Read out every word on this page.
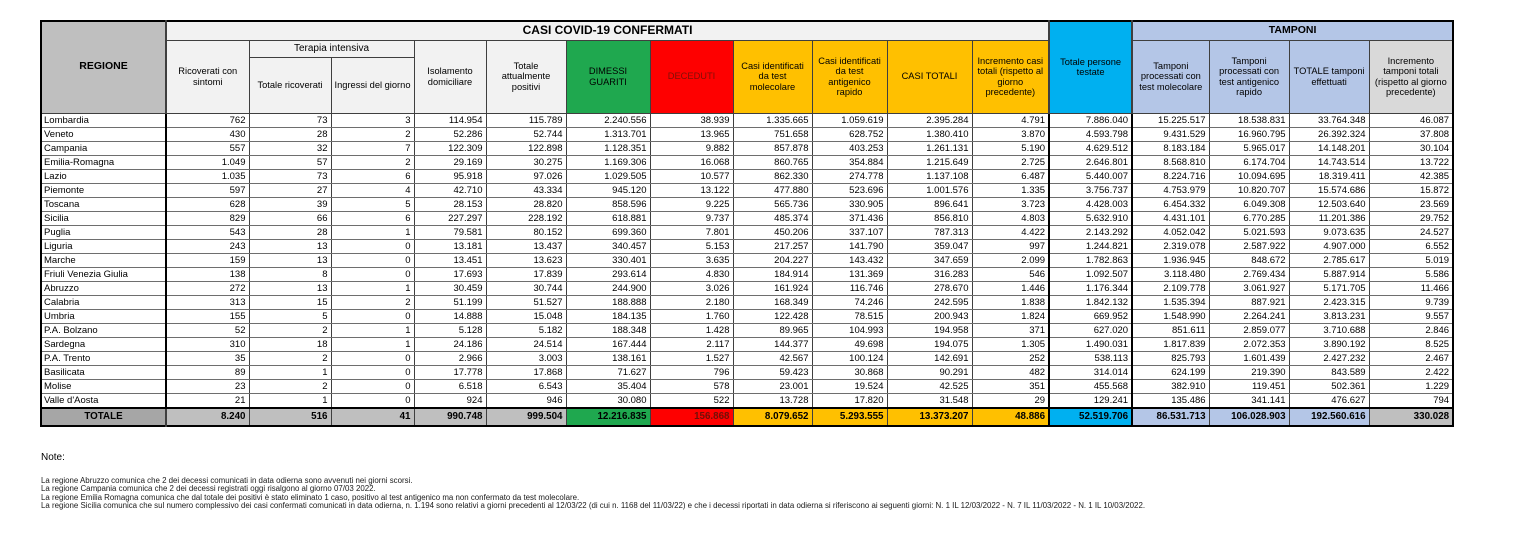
REGIONE	CASI COVID-19 CONFERMATI											Totale persone testate	TAMPONI			
	Ricoverati con sintomi	Terapia intensiva		Isolamento domiciliare	Totale attualmente positivi	DIMESSI GUARITI	DECEDUTI	Casi identificati da test molecolare	Casi identificati da test antigenico rapido	CASI TOTALI	Incremento casi totali (rispetto al giorno precedente)		Tamponi processati con test molecolare	Tamponi processati con test antigenico rapido	TOTALE tamponi effettuati	Incremento tamponi totali (rispetto al giorno precedente)
		Totale ricoverati	Ingressi del giorno													
Lombardia	762	73	3	114.954	115.789	2.240.556	38.939	1.335.665	1.059.619	2.395.284	4.791	7.886.040	15.225.517	18.538.831	33.764.348	46.087
Veneto	430	28	2	52.286	52.744	1.313.701	13.965	751.658	628.752	1.380.410	3.870	4.593.798	9.431.529	16.960.795	26.392.324	37.808
Campania	557	32	7	122.309	122.898	1.128.351	9.882	857.878	403.253	1.261.131	5.190	4.629.512	8.183.184	5.965.017	14.148.201	30.104
Emilia-Romagna	1.049	57	2	29.169	30.275	1.169.306	16.068	860.765	354.884	1.215.649	2.725	2.646.801	8.568.810	6.174.704	14.743.514	13.722
Lazio	1.035	73	6	95.918	97.026	1.029.505	10.577	862.330	274.778	1.137.108	6.487	5.440.007	8.224.716	10.094.695	18.319.411	42.385
Piemonte	597	27	4	42.710	43.334	945.120	13.122	477.880	523.696	1.001.576	1.335	3.756.737	4.753.979	10.820.707	15.574.686	15.872
Toscana	628	39	5	28.153	28.820	858.596	9.225	565.736	330.905	896.641	3.723	4.428.003	6.454.332	6.049.308	12.503.640	23.569
Sicilia	829	66	6	227.297	228.192	618.881	9.737	485.374	371.436	856.810	4.803	5.632.910	4.431.101	6.770.285	11.201.386	29.752
Puglia	543	28	1	79.581	80.152	699.360	7.801	450.206	337.107	787.313	4.422	2.143.292	4.052.042	5.021.593	9.073.635	24.527
Liguria	243	13	0	13.181	13.437	340.457	5.153	217.257	141.790	359.047	997	1.244.821	2.319.078	2.587.922	4.907.000	6.552
Marche	159	13	0	13.451	13.623	330.401	3.635	204.227	143.432	347.659	2.099	1.782.863	1.936.945	848.672	2.785.617	5.019
Friuli Venezia Giulia	138	8	0	17.693	17.839	293.614	4.830	184.914	131.369	316.283	546	1.092.507	3.118.480	2.769.434	5.887.914	5.586
Abruzzo	272	13	1	30.459	30.744	244.900	3.026	161.924	116.746	278.670	1.446	1.176.344	2.109.778	3.061.927	5.171.705	11.466
Calabria	313	15	2	51.199	51.527	188.888	2.180	168.349	74.246	242.595	1.838	1.842.132	1.535.394	887.921	2.423.315	9.739
Umbria	155	5	0	14.888	15.048	184.135	1.760	122.428	78.515	200.943	1.824	669.952	1.548.990	2.264.241	3.813.231	9.557
P.A. Bolzano	52	2	1	5.128	5.182	188.348	1.428	89.965	104.993	194.958	371	627.020	851.611	2.859.077	3.710.688	2.846
Sardegna	310	18	1	24.186	24.514	167.444	2.117	144.377	49.698	194.075	1.305	1.490.031	1.817.839	2.072.353	3.890.192	8.525
P.A. Trento	35	2	0	2.966	3.003	138.161	1.527	42.567	100.124	142.691	252	538.113	825.793	1.601.439	2.427.232	2.467
Basilicata	89	1	0	17.778	17.868	71.627	796	59.423	30.868	90.291	482	314.014	624.199	219.390	843.589	2.422
Molise	23	2	0	6.518	6.543	35.404	578	23.001	19.524	42.525	351	455.568	382.910	119.451	502.361	1.229
Valle d'Aosta	21	1	0	924	946	30.080	522	13.728	17.820	31.548	29	129.241	135.486	341.141	476.627	794
TOTALE	8.240	516	41	990.748	999.504	12.216.835	156.868	8.079.652	5.293.555	13.373.207	48.886	52.519.706	86.531.713	106.028.903	192.560.616	330.028

Note:

La regione Abruzzo comunica che 2 dei decessi comunicati in data odierna sono avvenuti nei giorni scorsi.
La regione Campania comunica che 2 dei decessi registrati oggi risalgono al giorno 07/03 2022.
La regione Emilia Romagna comunica che dal totale dei positivi è stato eliminato 1 caso, positivo al test antigenico ma non confermato da test molecolare.
La regione Sicilia comunica che sul numero complessivo dei casi confermati comunicati in data odierna, n. 1.194 sono relativi a giorni precedenti al 12/03/22 (di cui n. 1168 del 11/03/22) e che i decessi riportati in data odierna si riferiscono ai seguenti giorni: N. 1 IL 12/03/2022 - N. 7 IL 11/03/2022 - N. 1 IL 10/03/2022.
